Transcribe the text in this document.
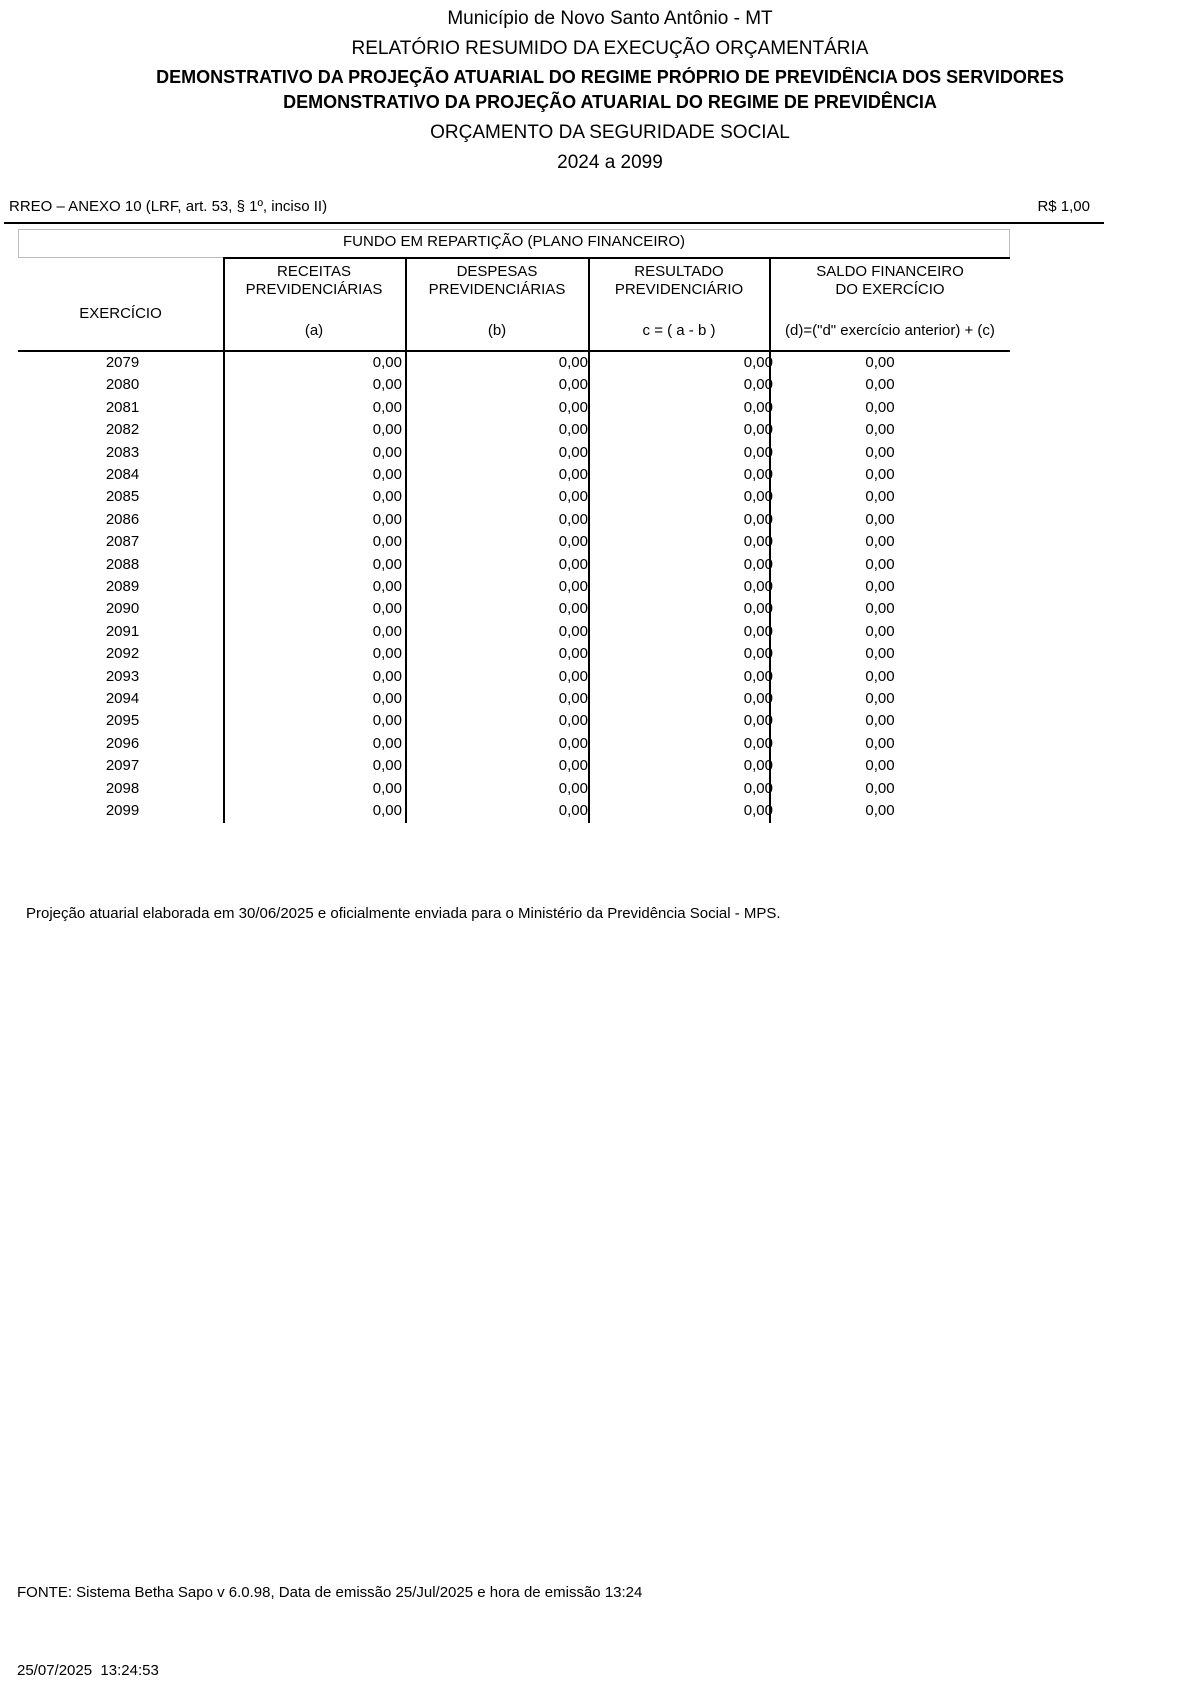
Município de Novo Santo Antônio - MT
RELATÓRIO RESUMIDO DA EXECUÇÃO ORÇAMENTÁRIA
DEMONSTRATIVO DA PROJEÇÃO ATUARIAL DO REGIME PRÓPRIO DE PREVIDÊNCIA DOS SERVIDORES
DEMONSTRATIVO DA PROJEÇÃO ATUARIAL DO REGIME DE PREVIDÊNCIA
ORÇAMENTO DA SEGURIDADE SOCIAL
2024 a 2099
RREO – ANEXO 10 (LRF, art. 53, § 1º, inciso II)	R$ 1,00
FUNDO EM REPARTIÇÃO (PLANO FINANCEIRO)
EXERCÍCIO
RECEITAS
PREVIDENCIÁRIAS
(a)
DESPESAS
PREVIDENCIÁRIAS
(b)
RESULTADO
PREVIDENCIÁRIO
c = ( a - b )
SALDO FINANCEIRO
DO EXERCÍCIO
(d)=("d" exercício anterior) + (c)
2079	0,00	0,00	0,00	0,00
2080	0,00	0,00	0,00	0,00
2081	0,00	0,00	0,00	0,00
2082	0,00	0,00	0,00	0,00
2083	0,00	0,00	0,00	0,00
2084	0,00	0,00	0,00	0,00
2085	0,00	0,00	0,00	0,00
2086	0,00	0,00	0,00	0,00
2087	0,00	0,00	0,00	0,00
2088	0,00	0,00	0,00	0,00
2089	0,00	0,00	0,00	0,00
2090	0,00	0,00	0,00	0,00
2091	0,00	0,00	0,00	0,00
2092	0,00	0,00	0,00	0,00
2093	0,00	0,00	0,00	0,00
2094	0,00	0,00	0,00	0,00
2095	0,00	0,00	0,00	0,00
2096	0,00	0,00	0,00	0,00
2097	0,00	0,00	0,00	0,00
2098	0,00	0,00	0,00	0,00
2099	0,00	0,00	0,00	0,00
Projeção atuarial elaborada em 30/06/2025 e oficialmente enviada para o Ministério da Previdência Social - MPS.
FONTE: Sistema Betha Sapo v 6.0.98, Data de emissão 25/Jul/2025 e hora de emissão 13:24
25/07/2025  13:24:53
